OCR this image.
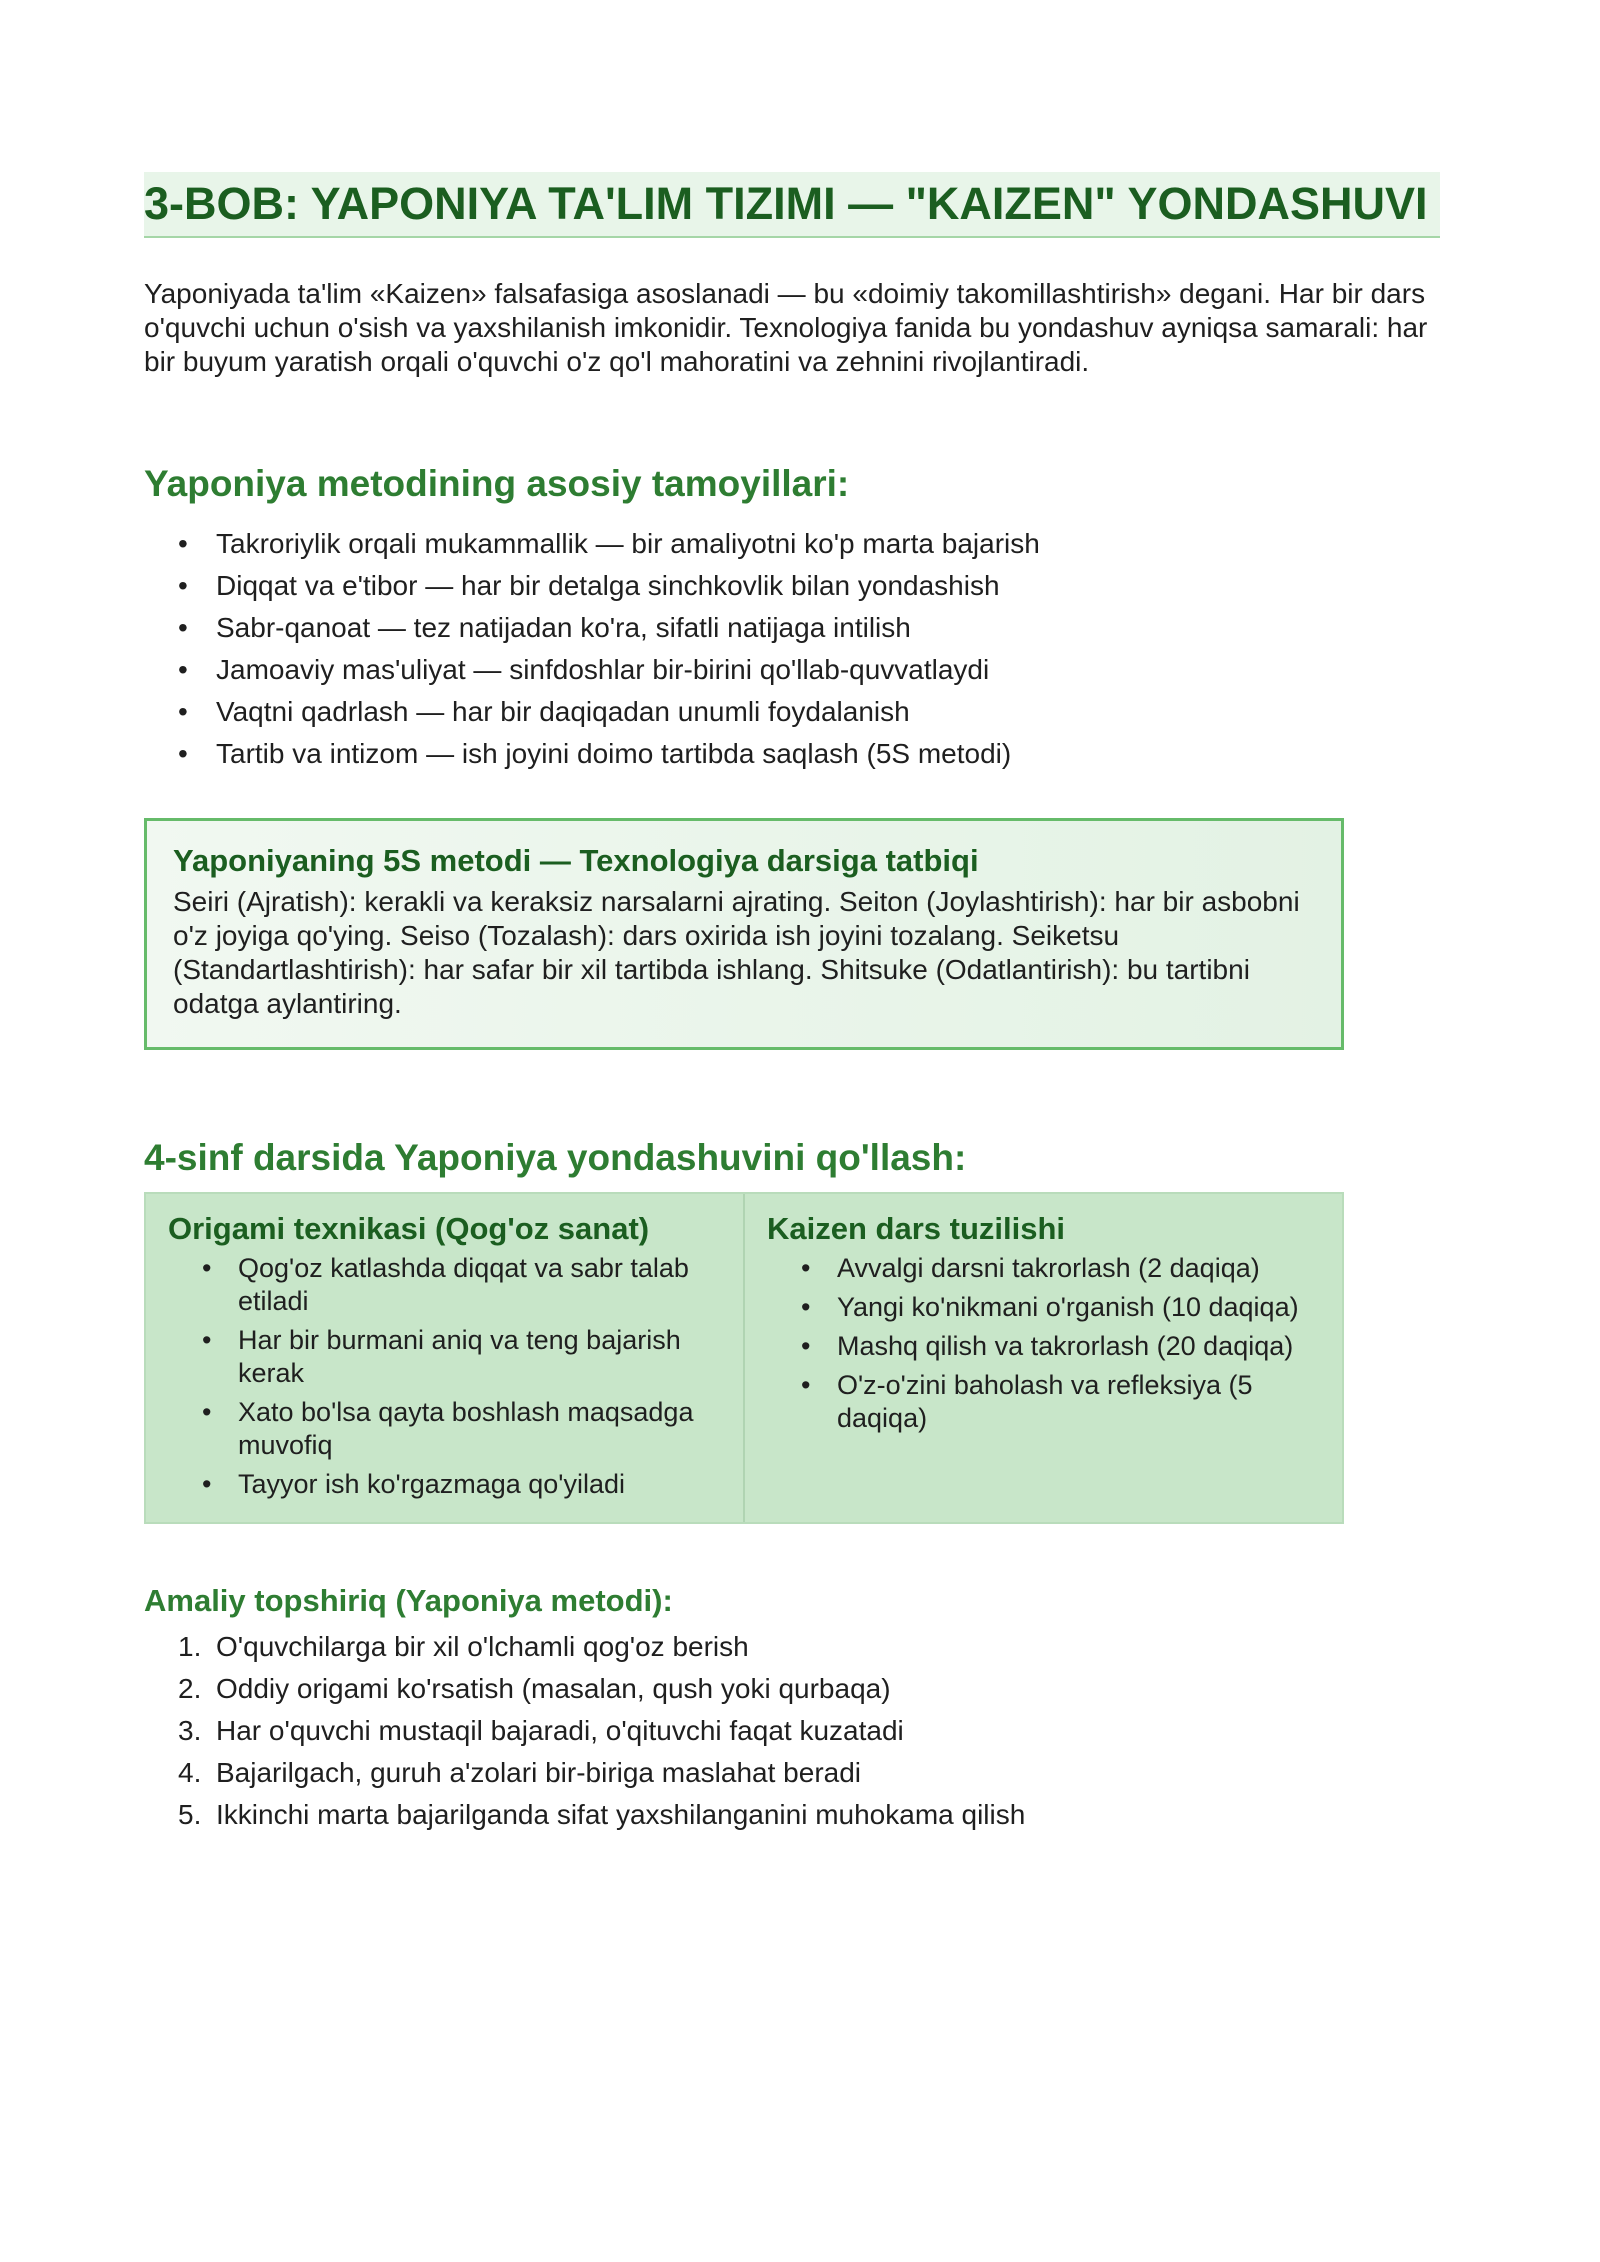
3-BOB: YAPONIYA TA'LIM TIZIMI — "KAIZEN" YONDASHUVI

Yaponiyada ta'lim «Kaizen» falsafasiga asoslanadi — bu «doimiy takomillashtirish» degani. Har bir dars o'quvchi uchun o'sish va yaxshilanish imkonidir. Texnologiya fanida bu yondashuv ayniqsa samarali: har bir buyum yaratish orqali o'quvchi o'z qo'l mahoratini va zehnini rivojlantiradi.

Yaponiya metodining asosiy tamoyillari:
• Takroriylik orqali mukammallik — bir amaliyotni ko'p marta bajarish
• Diqqat va e'tibor — har bir detalga sinchkovlik bilan yondashish
• Sabr-qanoat — tez natijadan ko'ra, sifatli natijaga intilish
• Jamoaviy mas'uliyat — sinfdoshlar bir-birini qo'llab-quvvatlaydi
• Vaqtni qadrlash — har bir daqiqadan unumli foydalanish
• Tartib va intizom — ish joyini doimo tartibda saqlash (5S metodi)

Yaponiyaning 5S metodi — Texnologiya darsiga tatbiqi

Seiri (Ajratish): kerakli va keraksiz narsalarni ajrating. Seiton (Joylashtirish): har bir asbobni o'z joyiga qo'ying. Seiso (Tozalash): dars oxirida ish joyini tozalang. Seiketsu (Standartlashtirish): har safar bir xil tartibda ishlang. Shitsuke (Odatlantirish): bu tartibni odatga aylantiring.

4-sinf darsida Yaponiya yondashuvini qo'llash:

Origami texnikasi (Qog'oz sanat)

• Qog'oz katlashda diqqat va sabr talab etiladi
• Har bir burmani aniq va teng bajarish kerak
• Xato bo'lsa qayta boshlash maqsadga muvofiq
• Tayyor ish ko'rgazmaga qo'yiladi

Kaizen dars tuzilishi

• Avvalgi darsni takrorlash (2 daqiqa)
• Yangi ko'nikmani o'rganish (10 daqiqa)
• Mashq qilish va takrorlash (20 daqiqa)
• O'z-o'zini baholash va refleksiya (5 daqiqa)
Amaliy topshiriq (Yaponiya metodi):
1. O'quvchilarga bir xil o'lchamli qog'oz berish
2. Oddiy origami ko'rsatish (masalan, qush yoki qurbaqa)
3. Har o'quvchi mustaqil bajaradi, o'qituvchi faqat kuzatadi
4. Bajarilgach, guruh a'zolari bir-biriga maslahat beradi
5. Ikkinchi marta bajarilganda sifat yaxshilanganini muhokama qilish
